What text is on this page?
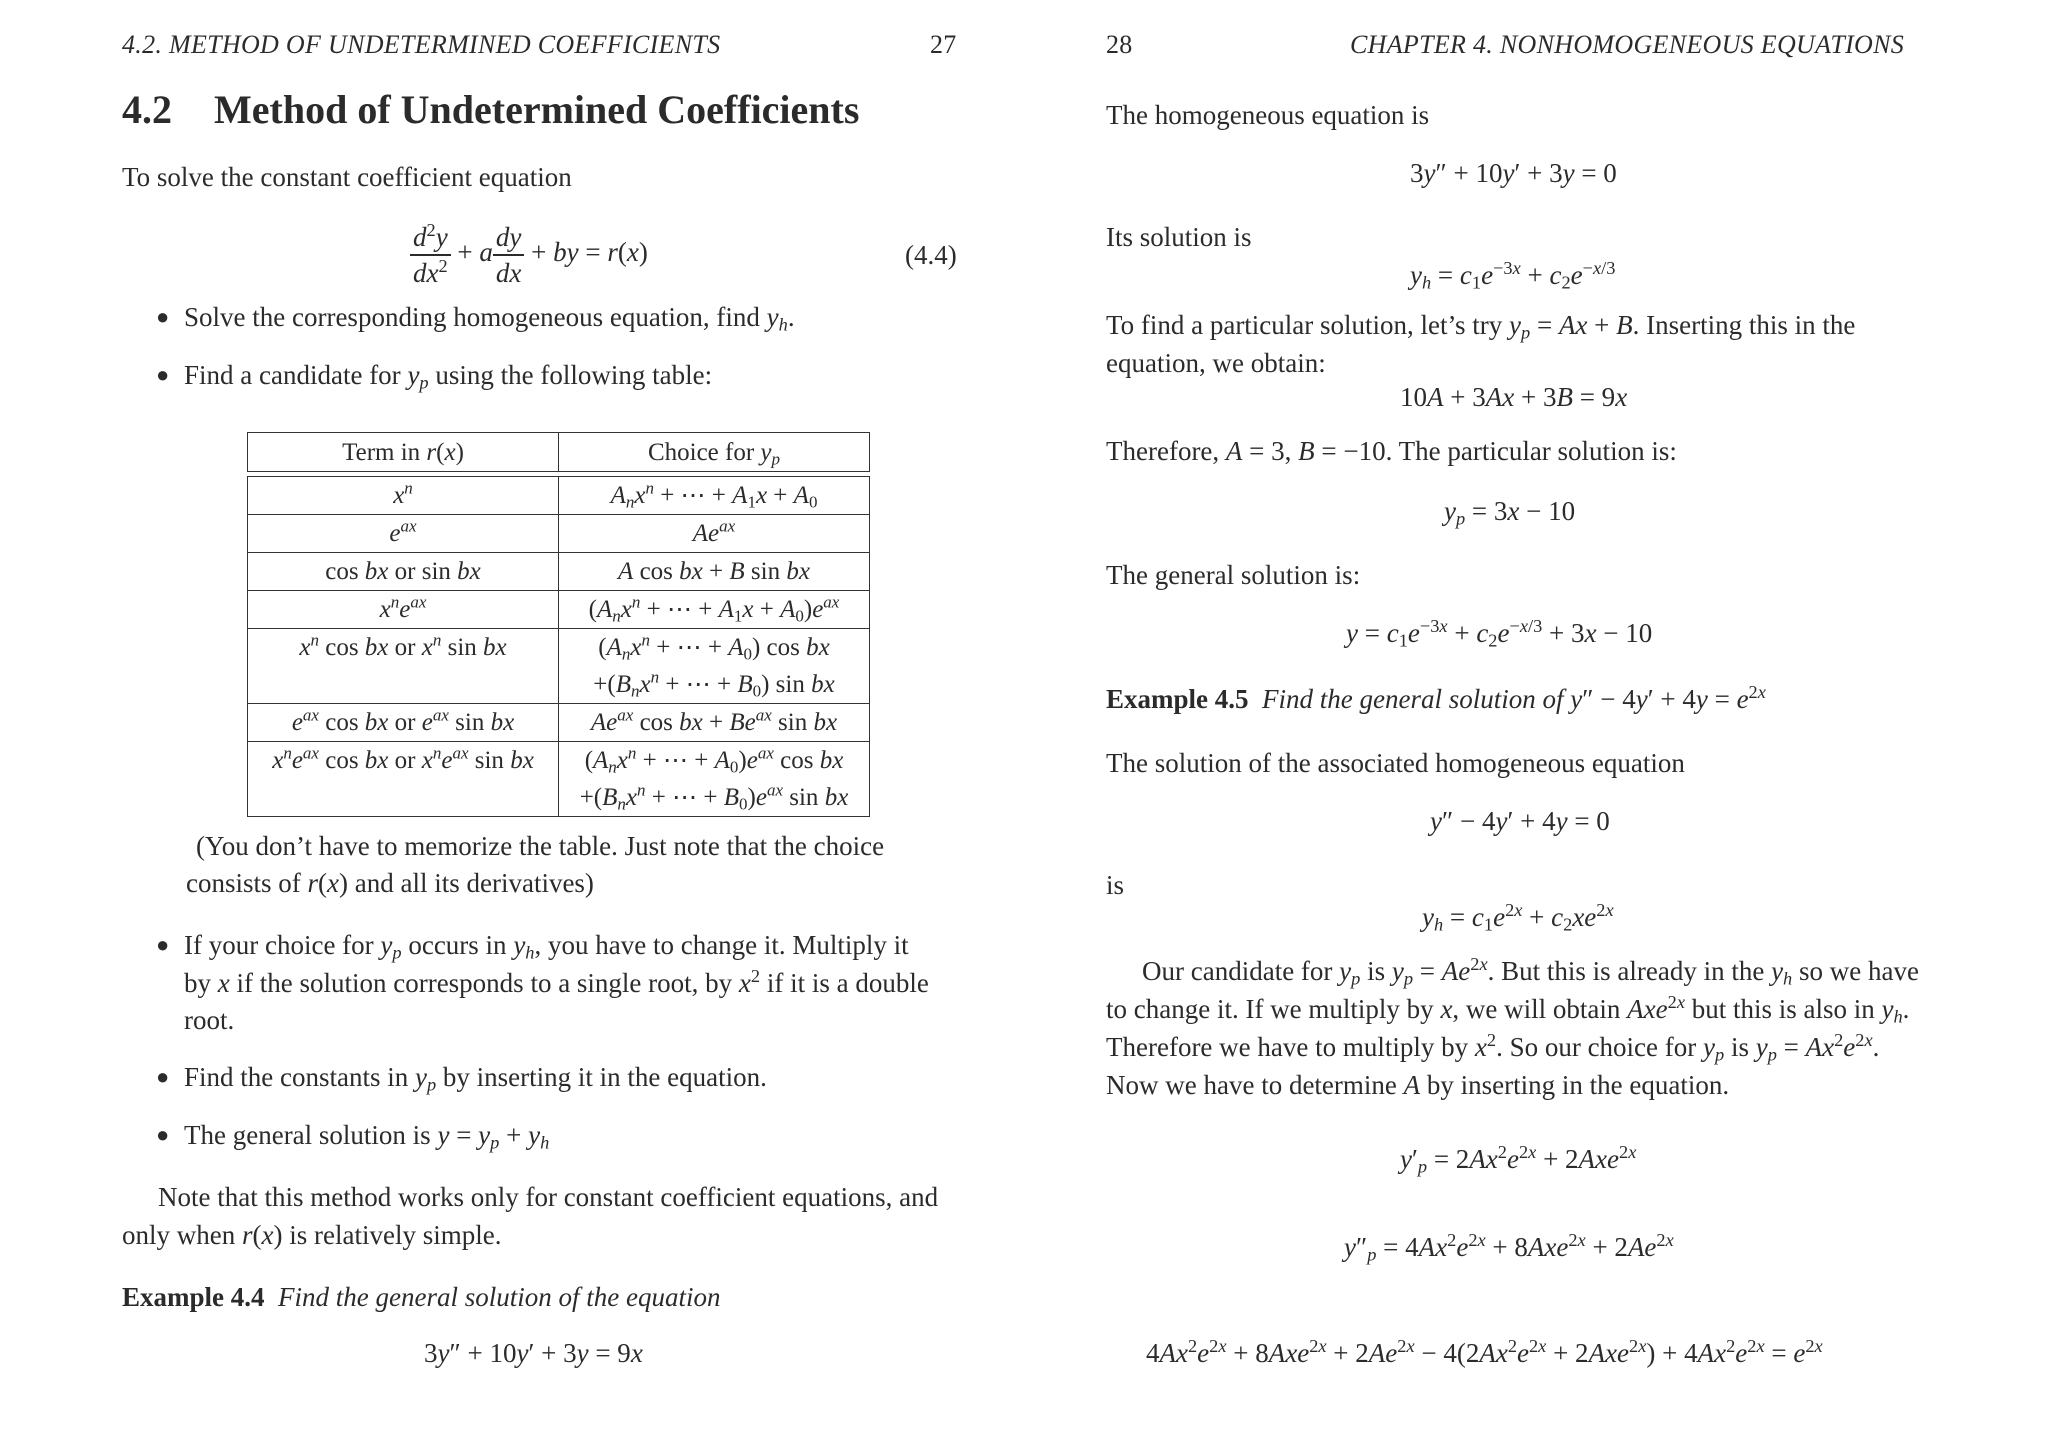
4.2. METHOD OF UNDETERMINED COEFFICIENTS	27
4.2 Method of Undetermined Coefficients
To solve the constant coefficient equation
$\frac{d^2y}{dx^2} + a \frac{dy}{dx}$ + by = r(x)	(4.4)
● Solve the corresponding homogeneous equation, find $y_h$.
● Find a candidate for $y_p$ using the following table:
Term in r(x)	Choice for $y_p$

$x^n$	$A_nx^n$ + ⋯ + $A_1x + A_0$
$e^{ax}$	$Ae^{ax}$
cos bx or sin bx	A cos bx + B sin bx
$x^ne^{ax}$	($A_nx^n$ + ⋯ + $A_1x + A_0)e^{ax}$
$x^n$ cos bx or $x^n$ sin bx	($A_nx^n$ + ⋯ + $A_0$) cos bx
	$+(B_nx^n$ + ⋯ + $B_0$) sin bx
$e^{ax}$ cos bx or $e^{ax}$ sin bx	$Ae^{ax}$ cos bx + $Be^{ax}$ sin bx
$x^ne^{ax}$ cos bx or $x^ne^{ax}$ sin bx	($A_nx^n$ + ⋯ + $A_0)e^{ax}$ cos bx
	$+(B_nx^n$ + ⋯ + $B_0)e^{ax}$ sin bx
(You don’t have to memorize the table. Just note that the choice
consists of r(x) and all its derivatives)
● If your choice for $y_p$ occurs in $y_h$, you have to change it. Multiply it
by x if the solution corresponds to a single root, by $x^2$ if it is a double
root.
● Find the constants in $y_p$ by inserting it in the equation.
● The general solution is $y = y_p + y_h$
Note that this method works only for constant coefficient equations, and
only when r(x) is relatively simple.
Example 4.4 Find the general solution of the equation
3y″ + 10y′ + 3y = 9x
28	CHAPTER 4. NONHOMOGENEOUS EQUATIONS
The homogeneous equation is
3y″ + 10y′ + 3y = 0
Its solution is
$y_h = c_1e^{-3x} + c_2e^{-x/3}$
To find a particular solution, let’s try $y_p = Ax + B$. Inserting this in the
equation, we obtain:
10A + 3Ax + 3B = 9x
Therefore, A = 3, B = −10. The particular solution is:
$y_p = 3x - 10$
The general solution is:
$y = c_1e^{-3x} + c_2e^{-x/3} + 3x - 10$
Example 4.5 Find the general solution of $y'' - 4y' + 4y = e^{2x}$
The solution of the associated homogeneous equation
y″ − 4y′ + 4y = 0
is
$y_h = c_1e^{2x} + c_2xe^{2x}$
Our candidate for $y_p$ is $y_p = Ae^{2x}$. But this is already in the $y_h$ so we have
to change it. If we multiply by x, we will obtain Axe$^{2x}$ but this is also in $y_h$.
Therefore we have to multiply by $x^2$. So our choice for $y_p$ is $y_p = Ax^2e^{2x}$.
Now we have to determine A by inserting in the equation.
$y'_p = 2Ax^2e^{2x} + 2Axe^{2x}$
$y''_p = 4Ax^2e^{2x} + 8Axe^{2x} + 2Ae^{2x}$
$4Ax^2e^{2x} + 8Axe^{2x} + 2Ae^{2x} - 4(2Ax^2e^{2x} + 2Axe^{2x}) + 4Ax^2e^{2x} = e^{2x}$
